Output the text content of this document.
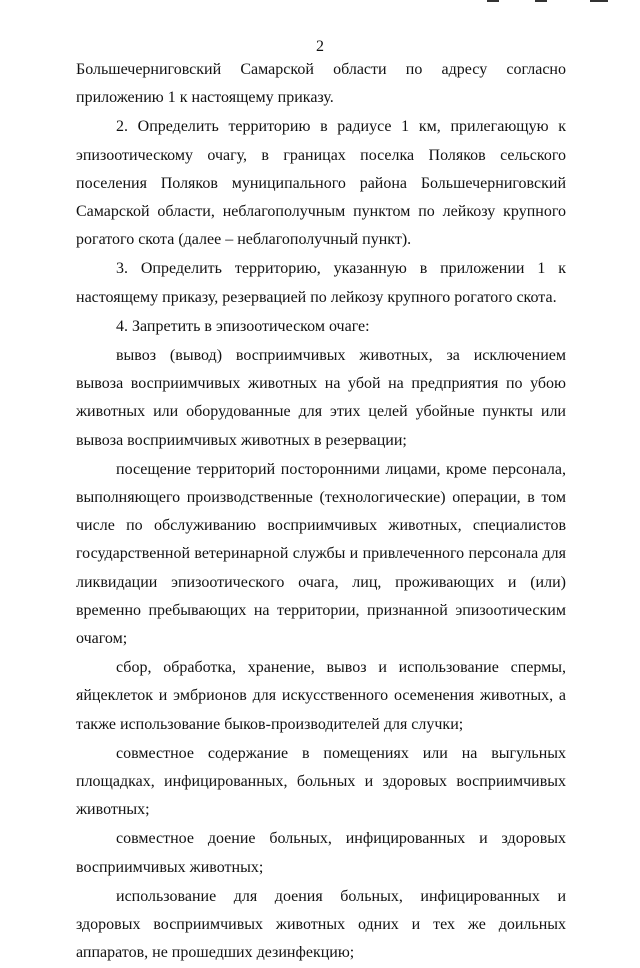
2

Большечерниговский Самарской области по адресу согласно приложению 1 к настоящему приказу.

2. Определить территорию в радиусе 1 км, прилегающую к эпизоотическому очагу, в границах поселка Поляков сельского поселения Поляков муниципального района Большечерниговский Самарской области, неблагополучным пунктом по лейкозу крупного рогатого скота (далее – неблагополучный пункт).

3. Определить территорию, указанную в приложении 1 к настоящему приказу, резервацией по лейкозу крупного рогатого скота.

4. Запретить в эпизоотическом очаге:

вывоз (вывод) восприимчивых животных, за исключением вывоза восприимчивых животных на убой на предприятия по убою животных или оборудованные для этих целей убойные пункты или вывоза восприимчивых животных в резервации;

посещение территорий посторонними лицами, кроме персонала, выполняющего производственные (технологические) операции, в том числе по обслуживанию восприимчивых животных, специалистов государственной ветеринарной службы и привлеченного персонала для ликвидации эпизоотического очага, лиц, проживающих и (или) временно пребывающих на территории, признанной эпизоотическим очагом;

сбор, обработка, хранение, вывоз и использование спермы, яйцеклеток и эмбрионов для искусственного осеменения животных, а также использование быков-производителей для случки;

совместное содержание в помещениях или на выгульных площадках, инфицированных, больных и здоровых восприимчивых животных;

совместное доение больных, инфицированных и здоровых восприимчивых животных;

использование для доения больных, инфицированных и здоровых восприимчивых животных одних и тех же доильных аппаратов, не прошедших дезинфекцию;
